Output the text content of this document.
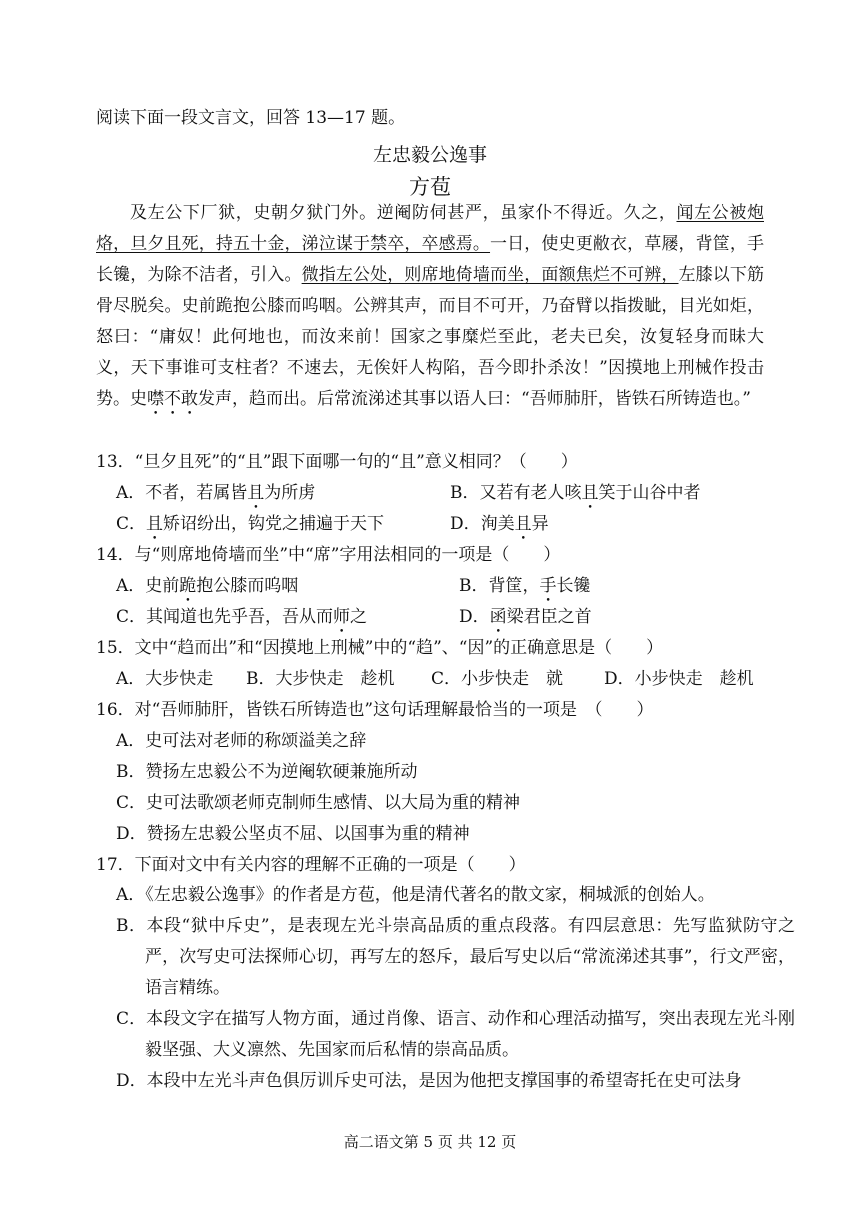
阅读下面一段文言文，回答 13—17 题。
左忠毅公逸事
方苞

及左公下厂狱，史朝夕狱门外。逆阉防伺甚严，虽家仆不得近。久之，闻左公被炮烙，旦夕且死，持五十金，涕泣谋于禁卒，卒感焉。一日，使史更敝衣，草屦，背筐，手长镵，为除不洁者，引入。微指左公处，则席地倚墙而坐，面额焦烂不可辨，左膝以下筋骨尽脱矣。史前跪抱公膝而呜咽。公辨其声，而目不可开，乃奋臂以指拨眦，目光如炬，怒曰：“庸奴！此何地也，而汝来前！国家之事糜烂至此，老夫已矣，汝复轻身而昧大义，天下事谁可支柱者？不速去，无俟奸人构陷，吾今即扑杀汝！”因摸地上刑械作投击势。史噤不敢发声，趋而出。后常流涕述其事以语人曰：“吾师肺肝，皆铁石所铸造也。”

13．“旦夕且死”的“且”跟下面哪一句的“且”意义相同？（　　）
A．不者，若属皆且为所虏	B．又若有老人咳且笑于山谷中者
C．且矫诏纷出，钩党之捕遍于天下	D．洵美且异
14．与“则席地倚墙而坐”中“席”字用法相同的一项是（　　）
A．史前跪抱公膝而呜咽	B．背筐，手长镵
C．其闻道也先乎吾，吾从而师之	D．函梁君臣之首
15．文中“趋而出”和“因摸地上刑械”中的“趋”、“因”的正确意思是（　　）
A．大步快走 B．大步快走　趁机 C．小步快走　就 D．小步快走　趁机
16．对“吾师肺肝，皆铁石所铸造也”这句话理解最恰当的一项是　（　　）
A．史可法对老师的称颂溢美之辞
B．赞扬左忠毅公不为逆阉软硬兼施所动
C．史可法歌颂老师克制师生感情、以大局为重的精神
D．赞扬左忠毅公坚贞不屈、以国事为重的精神
17．下面对文中有关内容的理解不正确的一项是（　　）

A．《左忠毅公逸事》的作者是方苞，他是清代著名的散文家，桐城派的创始人。

B．本段“狱中斥史”，是表现左光斗崇高品质的重点段落。有四层意思：先写监狱防守之严，次写史可法探师心切，再写左的怒斥，最后写史以后“常流涕述其事”，行文严密，语言精练。

C．本段文字在描写人物方面，通过肖像、语言、动作和心理活动描写，突出表现左光斗刚毅坚强、大义凛然、先国家而后私情的崇高品质。

D．本段中左光斗声色俱厉训斥史可法，是因为他把支撑国事的希望寄托在史可法身

高二语文第 5 页 共 12 页
